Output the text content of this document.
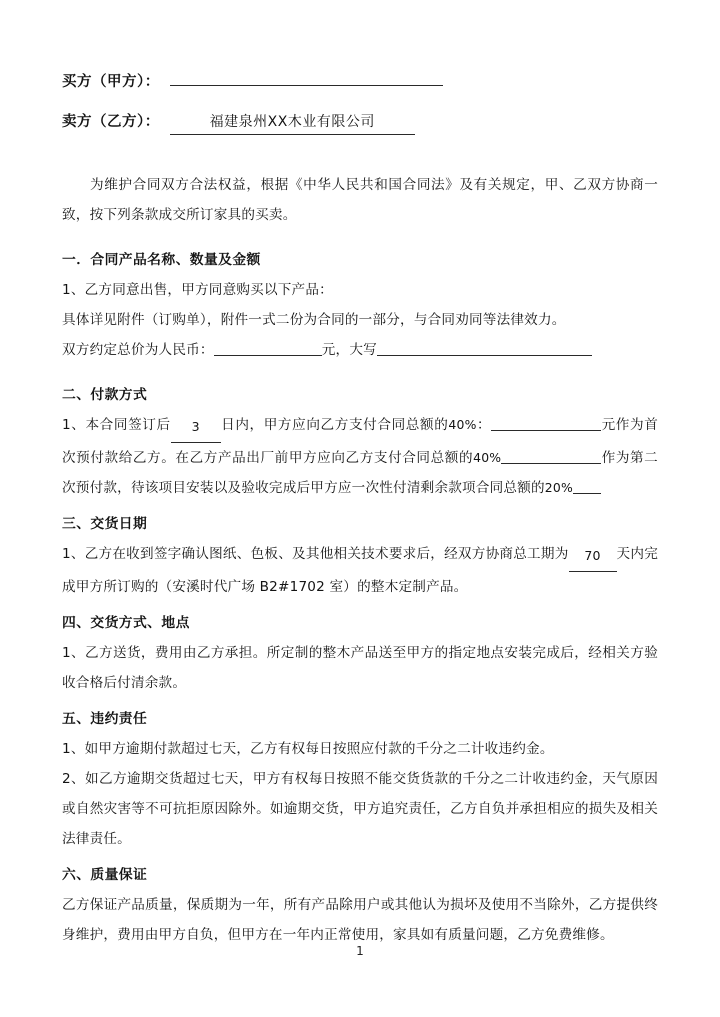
买方（甲方）：
卖方（乙方）：	福建泉州XX木业有限公司

为维护合同双方合法权益，根据《中华人民共和国合同法》及有关规定，甲、乙双方协商一致，按下列条款成交所订家具的买卖。

一．合同产品名称、数量及金额

1、乙方同意出售，甲方同意购买以下产品：

具体详见附件（订购单），附件一式二份为合同的一部分，与合同劝同等法律效力。

双方约定总价为人民币：	元，大写

二、付款方式

1、本合同签订后 3 日内，甲方应向乙方支付合同总额的40%：	元作为首次预付款给乙方。在乙方产品出厂前甲方应向乙方支付合同总额的40%	作为第二次预付款，待该项目安装以及验收完成后甲方应一次性付清剩余款项合同总额的20%

三、交货日期

1、乙方在收到签字确认图纸、色板、及其他相关技术要求后，经双方协商总工期为 70 天内完成甲方所订购的（安溪时代广场 B2#1702 室）的整木定制产品。

四、交货方式、地点

1、乙方送货，费用由乙方承担。所定制的整木产品送至甲方的指定地点安装完成后，经相关方验收合格后付清余款。

五、违约责任

1、如甲方逾期付款超过七天，乙方有权每日按照应付款的千分之二计收违约金。

2、如乙方逾期交货超过七天，甲方有权每日按照不能交货货款的千分之二计收违约金，天气原因或自然灾害等不可抗拒原因除外。如逾期交货，甲方追究责任，乙方自负并承担相应的损失及相关法律责任。

六、质量保证

乙方保证产品质量，保质期为一年，所有产品除用户或其他认为损坏及使用不当除外，乙方提供终身维护，费用由甲方自负，但甲方在一年内正常使用，家具如有质量问题，乙方免费维修。

1
